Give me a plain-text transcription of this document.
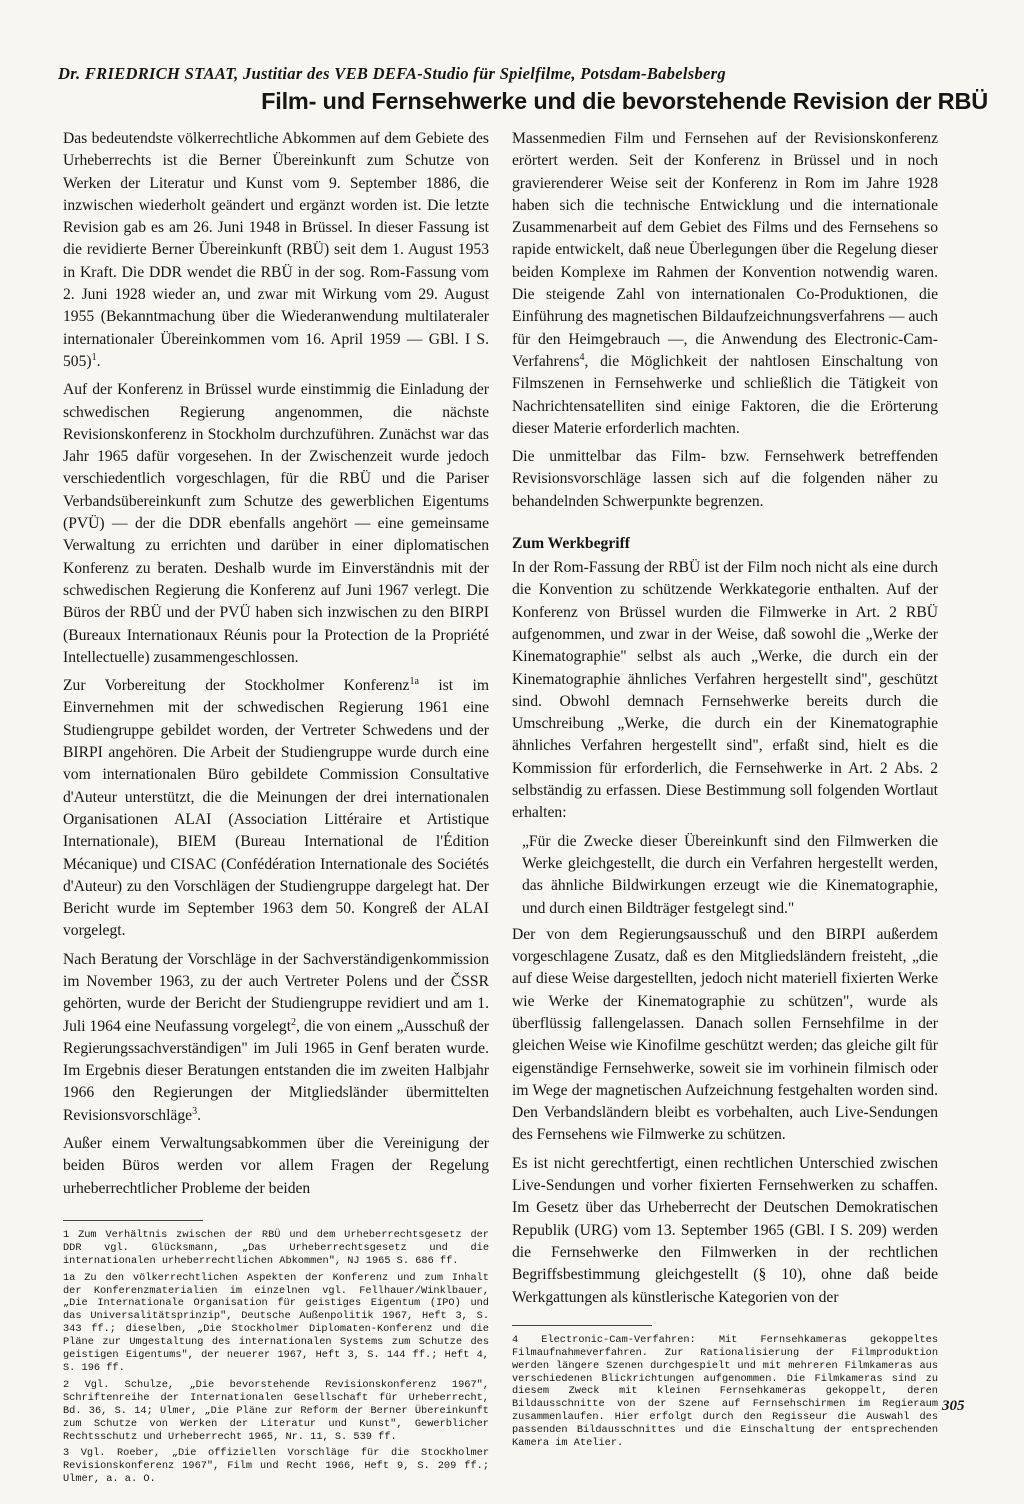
Dr. FRIEDRICH STAAT, Justitiar des VEB DEFA-Studio für Spielfilme, Potsdam-Babelsberg
Film- und Fernsehwerke und die bevorstehende Revision der RBÜ

Das bedeutendste völkerrechtliche Abkommen auf dem Gebiete des Urheberrechts ist die Berner Übereinkunft zum Schutze von Werken der Literatur und Kunst vom 9. September 1886, die inzwischen wiederholt geändert und ergänzt worden ist. Die letzte Revision gab es am 26. Juni 1948 in Brüssel. In dieser Fassung ist die revidierte Berner Übereinkunft (RBÜ) seit dem 1. August 1953 in Kraft. Die DDR wendet die RBÜ in der sog. Rom-Fassung vom 2. Juni 1928 wieder an, und zwar mit Wirkung vom 29. August 1955 (Bekanntmachung über die Wiederanwendung multilateraler internationaler Übereinkommen vom 16. April 1959 — GBl. I S. 505)$^1$.

Auf der Konferenz in Brüssel wurde einstimmig die Einladung der schwedischen Regierung angenommen, die nächste Revisionskonferenz in Stockholm durchzuführen. Zunächst war das Jahr 1965 dafür vorgesehen. In der Zwischenzeit wurde jedoch verschiedentlich vorgeschlagen, für die RBÜ und die Pariser Verbandsübereinkunft zum Schutze des gewerblichen Eigentums (PVÜ) — der die DDR ebenfalls angehört — eine gemeinsame Verwaltung zu errichten und darüber in einer diplomatischen Konferenz zu beraten. Deshalb wurde im Einverständnis mit der schwedischen Regierung die Konferenz auf Juni 1967 verlegt. Die Büros der RBÜ und der PVÜ haben sich inzwischen zu den BIRPI (Bureaux Internationaux Réunis pour la Protection de la Propriété Intellectuelle) zusammengeschlossen.

Zur Vorbereitung der Stockholmer Konferenz$^{1a}$ ist im Einvernehmen mit der schwedischen Regierung 1961 eine Studiengruppe gebildet worden, der Vertreter Schwedens und der BIRPI angehören. Die Arbeit der Studiengruppe wurde durch eine vom internationalen Büro gebildete Commission Consultative d'Auteur unterstützt, die die Meinungen der drei internationalen Organisationen ALAI (Association Littéraire et Artistique Internationale), BIEM (Bureau International de l'Édition Mécanique) und CISAC (Confédération Internationale des Sociétés d'Auteur) zu den Vorschlägen der Studiengruppe dargelegt hat. Der Bericht wurde im September 1963 dem 50. Kongreß der ALAI vorgelegt.

Nach Beratung der Vorschläge in der Sachverständigenkommission im November 1963, zu der auch Vertreter Polens und der ČSSR gehörten, wurde der Bericht der Studiengruppe revidiert und am 1. Juli 1964 eine Neufassung vorgelegt$^2$, die von einem „Ausschuß der Regierungssachverständigen" im Juli 1965 in Genf beraten wurde. Im Ergebnis dieser Beratungen entstanden die im zweiten Halbjahr 1966 den Regierungen der Mitgliedsländer übermittelten Revisionsvorschläge$^3$.

Außer einem Verwaltungsabkommen über die Vereinigung der beiden Büros werden vor allem Fragen der Regelung urheberrechtlicher Probleme der beiden

1 Zum Verhältnis zwischen der RBÜ und dem Urheberrechtsgesetz der DDR vgl. Glücksmann, „Das Urheberrechtsgesetz und die internationalen urheberrechtlichen Abkommen", NJ 1965 S. 686 ff.
1a Zu den völkerrechtlichen Aspekten der Konferenz und zum Inhalt der Konferenzmaterialien im einzelnen vgl. Fellhauer/Winklbauer, „Die Internationale Organisation für geistiges Eigentum (IPO) und das Universalitätsprinzip", Deutsche Außenpolitik 1967, Heft 3, S. 343 ff.; dieselben, „Die Stockholmer Diplomaten-Konferenz und die Pläne zur Umgestaltung des internationalen Systems zum Schutze des geistigen Eigentums", der neuerer 1967, Heft 3, S. 144 ff.; Heft 4, S. 196 ff.
2 Vgl. Schulze, „Die bevorstehende Revisionskonferenz 1967", Schriftenreihe der Internationalen Gesellschaft für Urheberrecht, Bd. 36, S. 14; Ulmer, „Die Pläne zur Reform der Berner Übereinkunft zum Schutze von Werken der Literatur und Kunst", Gewerblicher Rechtsschutz und Urheberrecht 1965, Nr. 11, S. 539 ff.
3 Vgl. Roeber, „Die offiziellen Vorschläge für die Stockholmer Revisionskonferenz 1967", Film und Recht 1966, Heft 9, S. 209 ff.; Ulmer, a. a. O.

Massenmedien Film und Fernsehen auf der Revisionskonferenz erörtert werden. Seit der Konferenz in Brüssel und in noch gravierenderer Weise seit der Konferenz in Rom im Jahre 1928 haben sich die technische Entwicklung und die internationale Zusammenarbeit auf dem Gebiet des Films und des Fernsehens so rapide entwickelt, daß neue Überlegungen über die Regelung dieser beiden Komplexe im Rahmen der Konvention notwendig waren. Die steigende Zahl von internationalen Co-Produktionen, die Einführung des magnetischen Bildaufzeichnungsverfahrens — auch für den Heimgebrauch —, die Anwendung des Electronic-Cam-Verfahrens$^4$, die Möglichkeit der nahtlosen Einschaltung von Filmszenen in Fernsehwerke und schließlich die Tätigkeit von Nachrichtensatelliten sind einige Faktoren, die die Erörterung dieser Materie erforderlich machten.

Die unmittelbar das Film- bzw. Fernsehwerk betreffenden Revisionsvorschläge lassen sich auf die folgenden näher zu behandelnden Schwerpunkte begrenzen.

Zum Werkbegriff

In der Rom-Fassung der RBÜ ist der Film noch nicht als eine durch die Konvention zu schützende Werkkategorie enthalten. Auf der Konferenz von Brüssel wurden die Filmwerke in Art. 2 RBÜ aufgenommen, und zwar in der Weise, daß sowohl die „Werke der Kinematographie" selbst als auch „Werke, die durch ein der Kinematographie ähnliches Verfahren hergestellt sind", geschützt sind. Obwohl demnach Fernsehwerke bereits durch die Umschreibung „Werke, die durch ein der Kinematographie ähnliches Verfahren hergestellt sind", erfaßt sind, hielt es die Kommission für erforderlich, die Fernsehwerke in Art. 2 Abs. 2 selbständig zu erfassen. Diese Bestimmung soll folgenden Wortlaut erhalten:

„Für die Zwecke dieser Übereinkunft sind den Filmwerken die Werke gleichgestellt, die durch ein Verfahren hergestellt werden, das ähnliche Bildwirkungen erzeugt wie die Kinematographie, und durch einen Bildträger festgelegt sind."

Der von dem Regierungsausschuß und den BIRPI außerdem vorgeschlagene Zusatz, daß es den Mitgliedsländern freisteht, „die auf diese Weise dargestellten, jedoch nicht materiell fixierten Werke wie Werke der Kinematographie zu schützen", wurde als überflüssig fallengelassen. Danach sollen Fernsehfilme in der gleichen Weise wie Kinofilme geschützt werden; das gleiche gilt für eigenständige Fernsehwerke, soweit sie im vorhinein filmisch oder im Wege der magnetischen Aufzeichnung festgehalten worden sind. Den Verbandsländern bleibt es vorbehalten, auch Live-Sendungen des Fernsehens wie Filmwerke zu schützen.

Es ist nicht gerechtfertigt, einen rechtlichen Unterschied zwischen Live-Sendungen und vorher fixierten Fernsehwerken zu schaffen. Im Gesetz über das Urheberrecht der Deutschen Demokratischen Republik (URG) vom 13. September 1965 (GBl. I S. 209) werden die Fernsehwerke den Filmwerken in der rechtlichen Begriffsbestimmung gleichgestellt (§ 10), ohne daß beide Werkgattungen als künstlerische Kategorien von der

4 Electronic-Cam-Verfahren: Mit Fernsehkameras gekoppeltes Filmaufnahmeverfahren. Zur Rationalisierung der Filmproduktion werden längere Szenen durchgespielt und mit mehreren Filmkameras aus verschiedenen Blickrichtungen aufgenommen. Die Filmkameras sind zu diesem Zweck mit kleinen Fernsehkameras gekoppelt, deren Bildausschnitte von der Szene auf Fernsehschirmen im Regieraum zusammenlaufen. Hier erfolgt durch den Regisseur die Auswahl des passenden Bildausschnittes und die Einschaltung der entsprechenden Kamera im Atelier.
305
